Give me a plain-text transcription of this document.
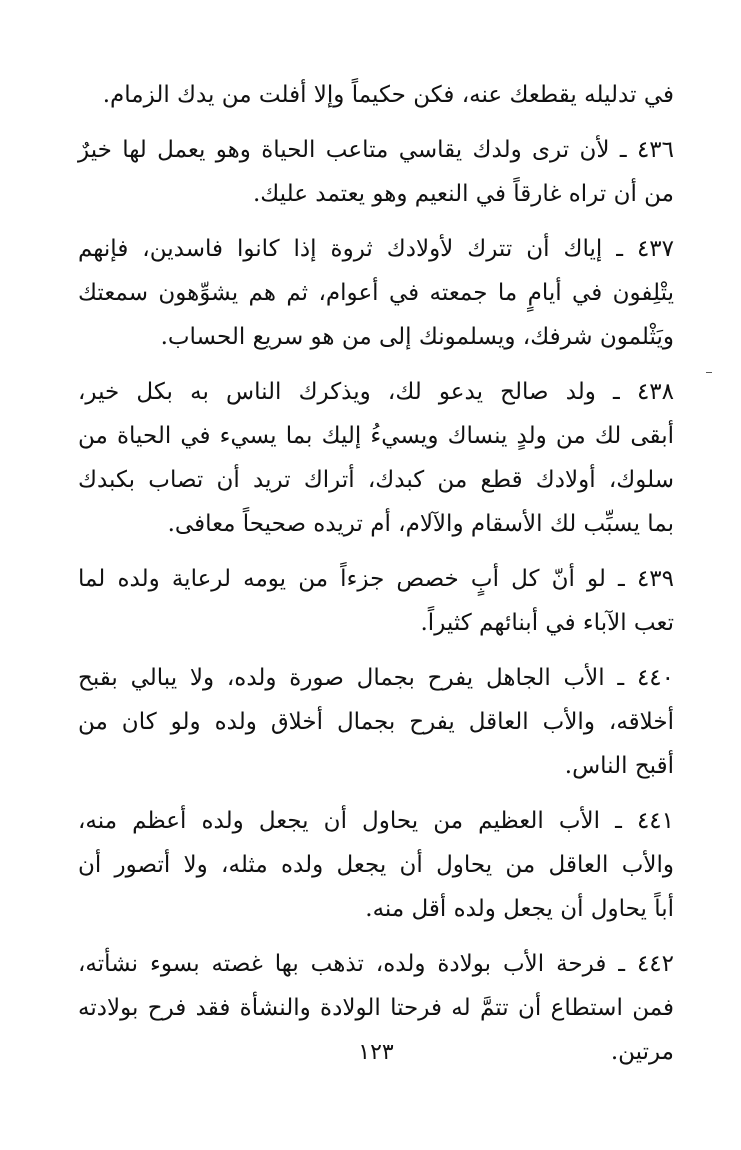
في تدليله يقطعك عنه، فكن حكيماً وإلا أفلت من يدك الزمام.
٤٣٦ ـ لأن ترى ولدك يقاسي متاعب الحياة وهو يعمل لها خيرٌ
من أن تراه غارقاً في النعيم وهو يعتمد عليك.
٤٣٧ ـ إياك أن تترك لأولادك ثروة إذا كانوا فاسدين، فإنهم
يتْلِفون في أيامٍ ما جمعته في أعوام، ثم هم يشوِّهون سمعتك
ويَثْلمون شرفك، ويسلمونك إلى من هو سريع الحساب.
٤٣٨ ـ ولد صالح يدعو لك، ويذكرك الناس به بكل خير،
أبقى لك من ولدٍ ينساك ويسيءُ إليك بما يسيء في الحياة من
سلوك، أولادك قطع من كبدك، أتراك تريد أن تصاب بكبدك
بما يسبِّب لك الأسقام والآلام، أم تريده صحيحاً معافى.
٤٣٩ ـ لو أنّ كل أبٍ خصص جزءاً من يومه لرعاية ولده لما
تعب الآباء في أبنائهم كثيراً.
٤٤٠ ـ الأب الجاهل يفرح بجمال صورة ولده، ولا يبالي بقبح
أخلاقه، والأب العاقل يفرح بجمال أخلاق ولده ولو كان من
أقبح الناس.
٤٤١ ـ الأب العظيم من يحاول أن يجعل ولده أعظم منه،
والأب العاقل من يحاول أن يجعل ولده مثله، ولا أتصور أن
أباً يحاول أن يجعل ولده أقل منه.
٤٤٢ ـ فرحة الأب بولادة ولده، تذهب بها غصته بسوء نشأته،
فمن استطاع أن تتمَّ له فرحتا الولادة والنشأة فقد فرح بولادته
مرتين.
١٢٣
